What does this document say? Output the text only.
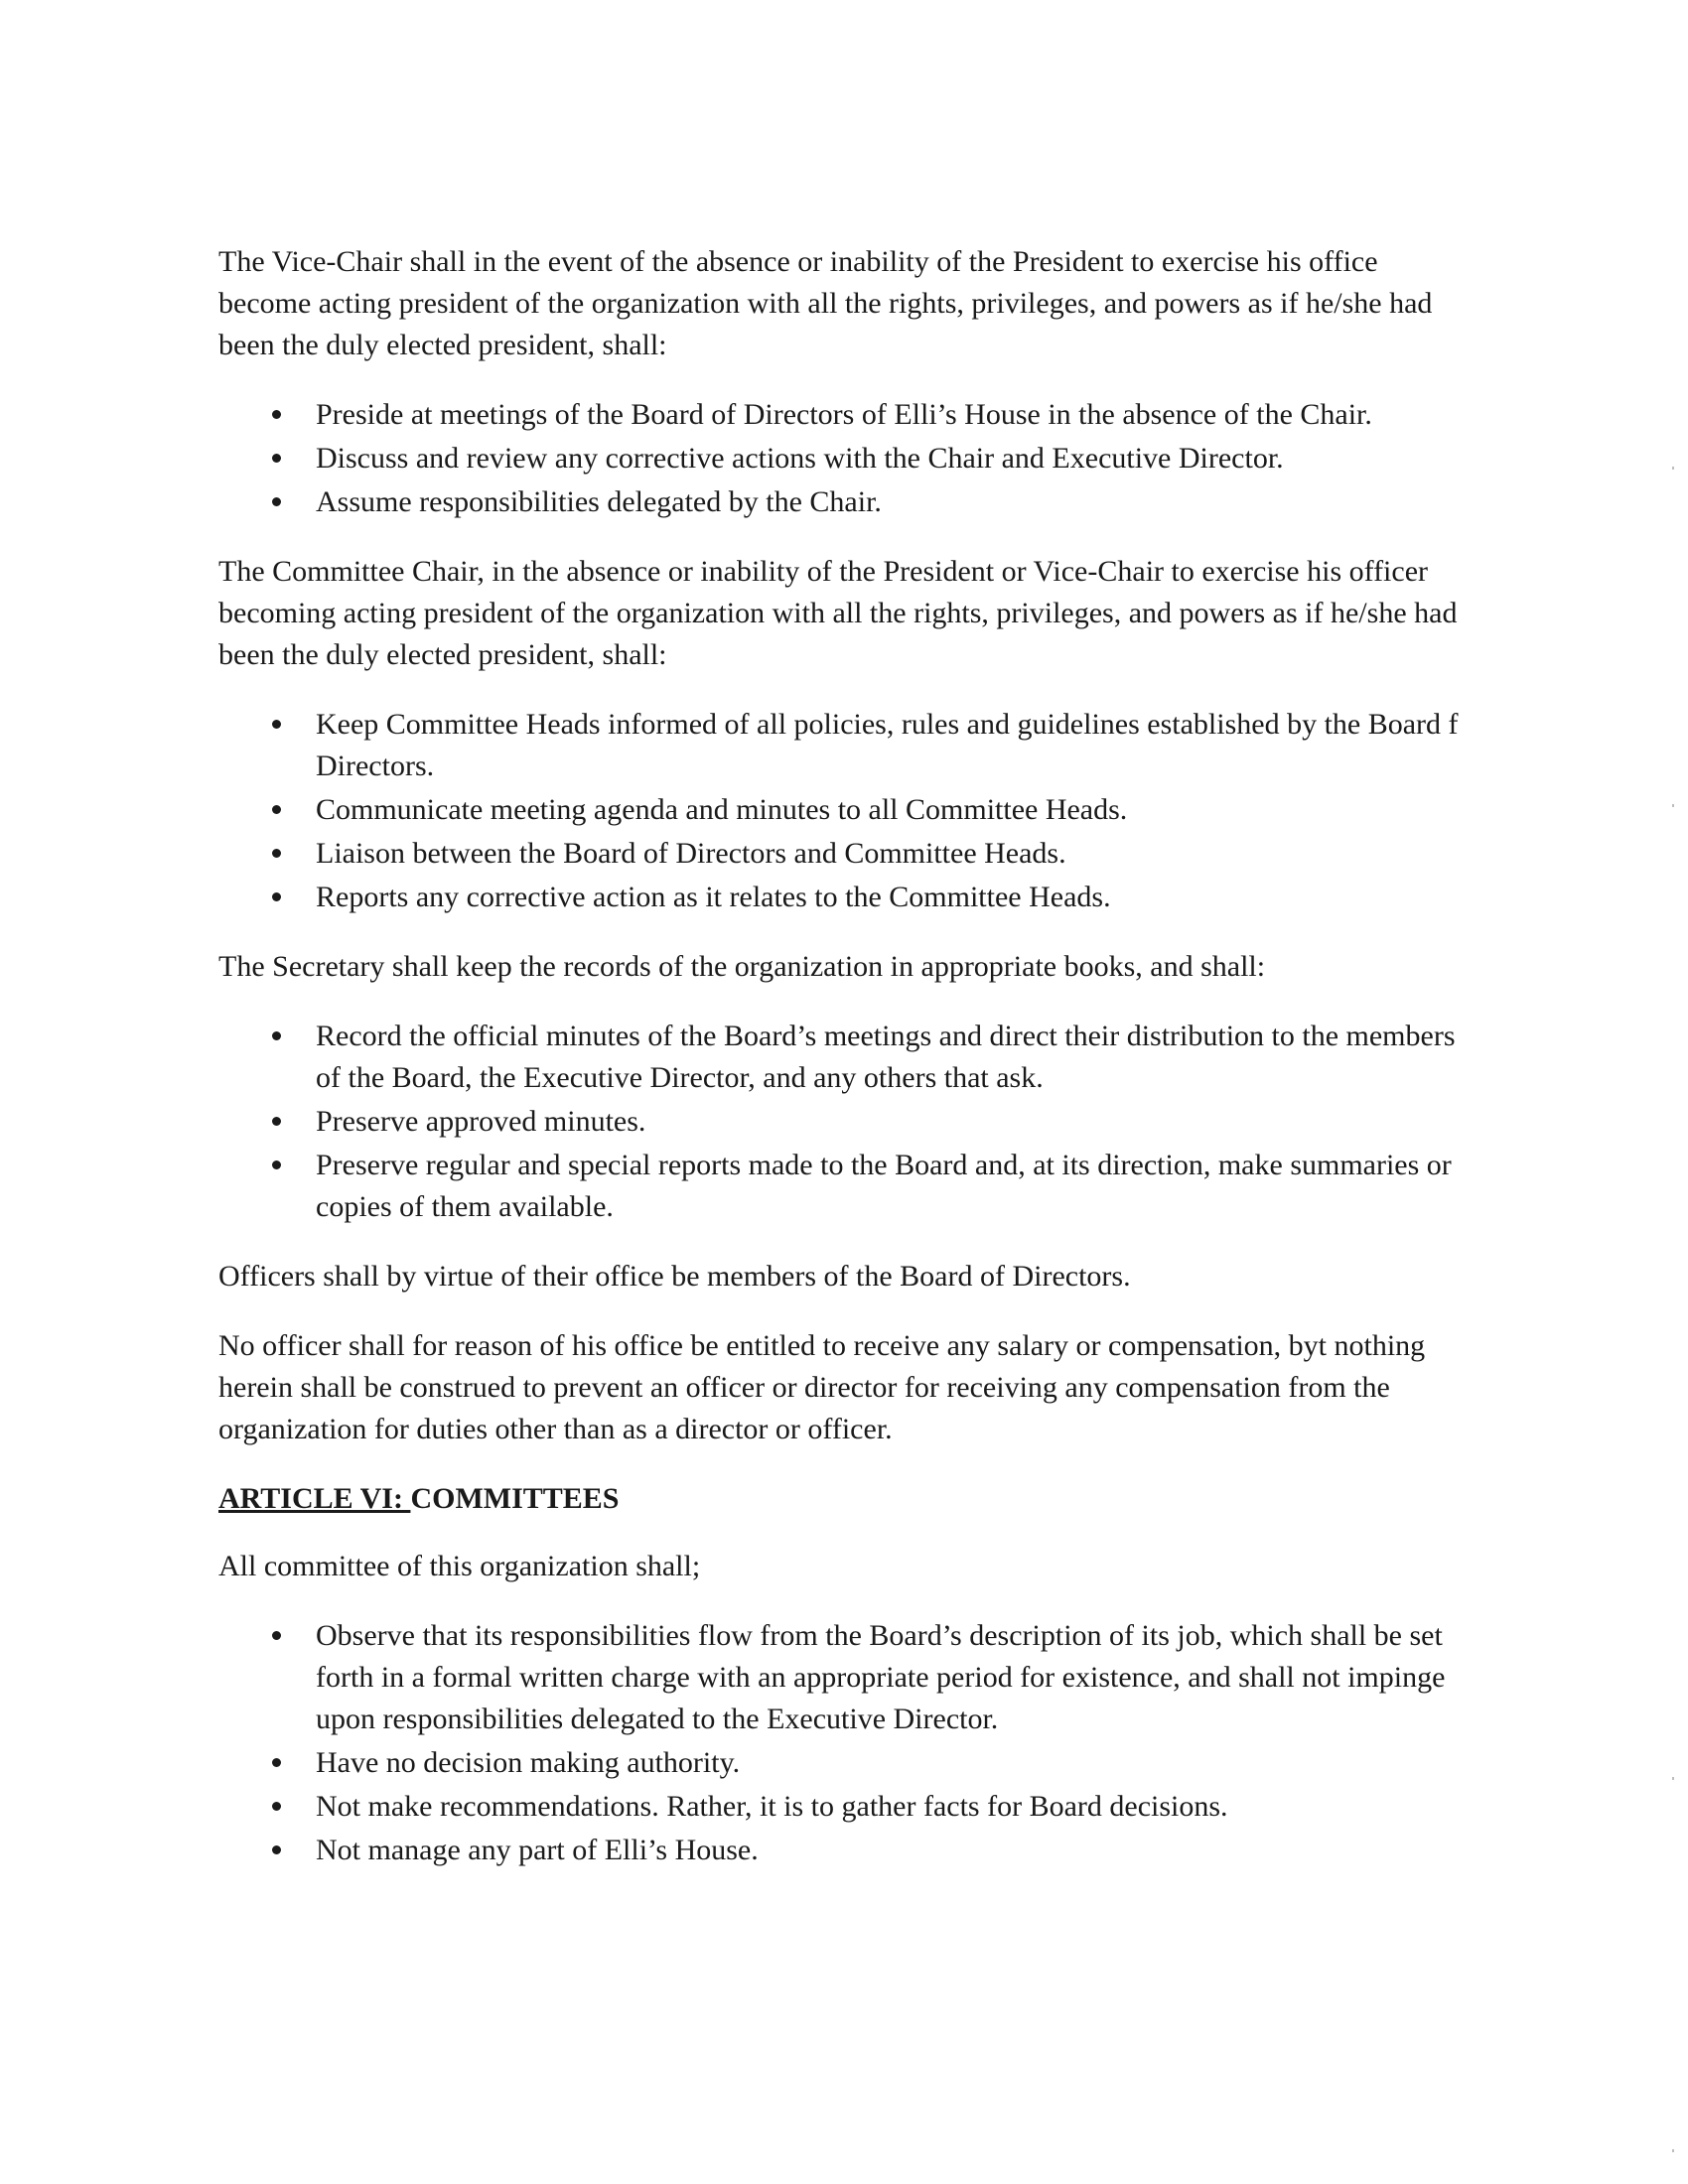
The Vice-Chair shall in the event of the absence or inability of the President to exercise his office become acting president of the organization with all the rights, privileges, and powers as if he/she had been the duly elected president, shall:

Preside at meetings of the Board of Directors of Elli’s House in the absence of the Chair.
Discuss and review any corrective actions with the Chair and Executive Director.
Assume responsibilities delegated by the Chair.

The Committee Chair, in the absence or inability of the President or Vice-Chair to exercise his officer becoming acting president of the organization with all the rights, privileges, and powers as if he/she had been the duly elected president, shall:

Keep Committee Heads informed of all policies, rules and guidelines established by the Board f Directors.
Communicate meeting agenda and minutes to all Committee Heads.
Liaison between the Board of Directors and Committee Heads.
Reports any corrective action as it relates to the Committee Heads.

The Secretary shall keep the records of the organization in appropriate books, and shall:

Record the official minutes of the Board’s meetings and direct their distribution to the members of the Board, the Executive Director, and any others that ask.
Preserve approved minutes.
Preserve regular and special reports made to the Board and, at its direction, make summaries or copies of them available.

Officers shall by virtue of their office be members of the Board of Directors.

No officer shall for reason of his office be entitled to receive any salary or compensation, byt nothing herein shall be construed to prevent an officer or director for receiving any compensation from the organization for duties other than as a director or officer.

ARTICLE VI: COMMITTEES

All committee of this organization shall;

Observe that its responsibilities flow from the Board’s description of its job, which shall be set forth in a formal written charge with an appropriate period for existence, and shall not impinge upon responsibilities delegated to the Executive Director.
Have no decision making authority.
Not make recommendations. Rather, it is to gather facts for Board decisions.
Not manage any part of Elli’s House.
